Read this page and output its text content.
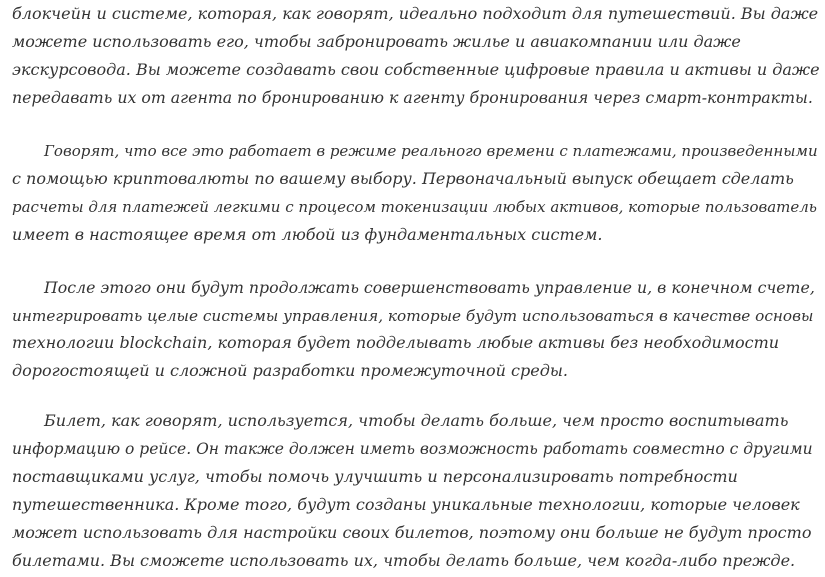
блокчейн и системе, которая, как говорят, идеально подходит для путешествий. Вы даже
можете использовать его, чтобы забронировать жилье и авиакомпании или даже
экскурсовода. Вы можете создавать свои собственные цифровые правила и активы и даже
передавать их от агента по бронированию к агенту бронирования через смарт-контракты.
Говорят, что все это работает в режиме реального времени с платежами, произведенными
с помощью криптовалюты по вашему выбору. Первоначальный выпуск обещает сделать
расчеты для платежей легкими с процесом токенизации любых активов, которые пользователь
имеет в настоящее время от любой из фундаментальных систем.
После этого они будут продолжать совершенствовать управление и, в конечном счете,
интегрировать целые системы управления, которые будут использоваться в качестве основы
технологии blockchain, которая будет подделывать любые активы без необходимости
дорогостоящей и сложной разработки промежуточной среды.
Билет, как говорят, используется, чтобы делать больше, чем просто воспитывать
информацию о рейсе. Он также должен иметь возможность работать совместно с другими
поставщиками услуг, чтобы помочь улучшить и персонализировать потребности
путешественника. Кроме того, будут созданы уникальные технологии, которые человек
может использовать для настройки своих билетов, поэтому они больше не будут просто
билетами. Вы сможете использовать их, чтобы делать больше, чем когда-либо прежде.
